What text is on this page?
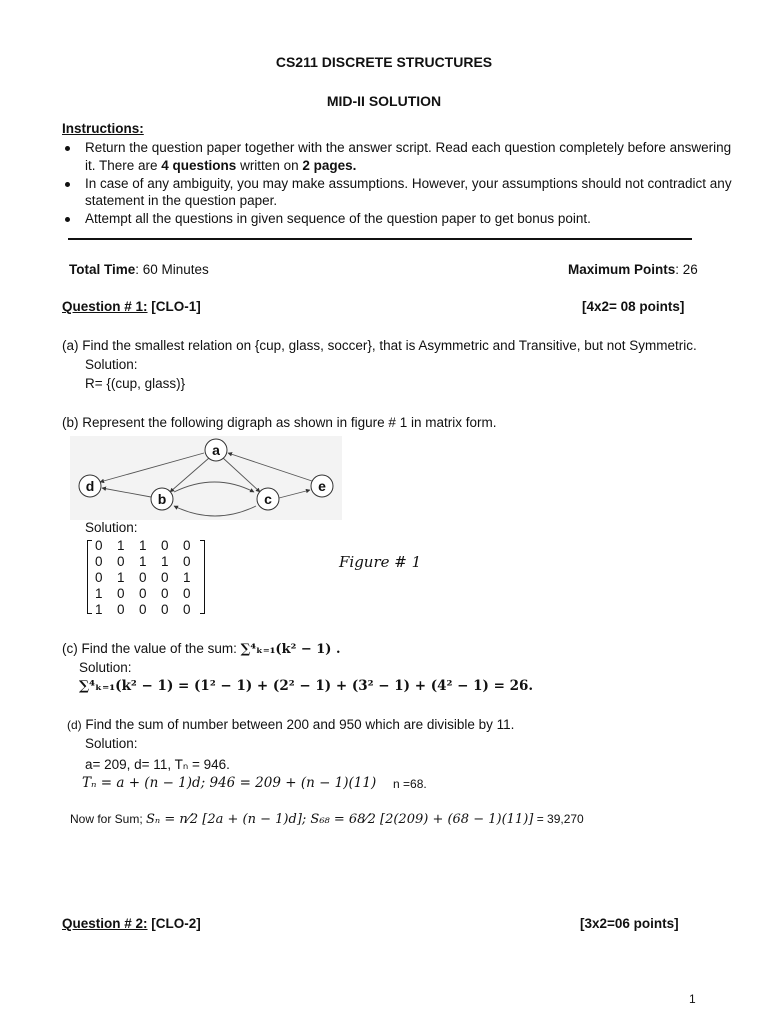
CS211 DISCRETE STRUCTURES
MID-II SOLUTION
Instructions:
Return the question paper together with the answer script. Read each question completely before answering
it. There are 4 questions written on 2 pages.
In case of any ambiguity, you may make assumptions. However, your assumptions should not contradict any
statement in the question paper.
Attempt all the questions in given sequence of the question paper to get bonus point.
Total Time: 60 Minutes	Maximum Points: 26
Question # 1: [CLO-1]	[4x2= 08 points]
(a) Find the smallest relation on {cup, glass, soccer}, that is Asymmetric and Transitive, but not Symmetric.
Solution:
R= {(cup, glass)}
(b) Represent the following digraph as shown in figure # 1 in matrix form.
a
b	c
d	e
Solution:
0 1 1 0 0
0 0 1 1 0
0 1 0 0 1
1 0 0 0 0
1 0 0 0 0
Figure # 1
(c) Find the value of the sum: ∑⁴ₖ₌₁(k² − 1) .
Solution:
∑⁴ₖ₌₁(k² − 1) = (1² − 1) + (2² − 1) + (3² − 1) + (4² − 1) = 26.
(d) Find the sum of number between 200 and 950 which are divisible by 11.
Solution:
a= 209, d= 11, Tₙ = 946.
Tₙ = a + (n − 1)d; 946 = 209 + (n − 1)(11) n =68.
Now for Sum; Sₙ = n⁄2 [2a + (n − 1)d]; S₆₈ = 68⁄2 [2(209) + (68 − 1)(11)] = 39,270
Question # 2: [CLO-2]	[3x2=06 points]
1
